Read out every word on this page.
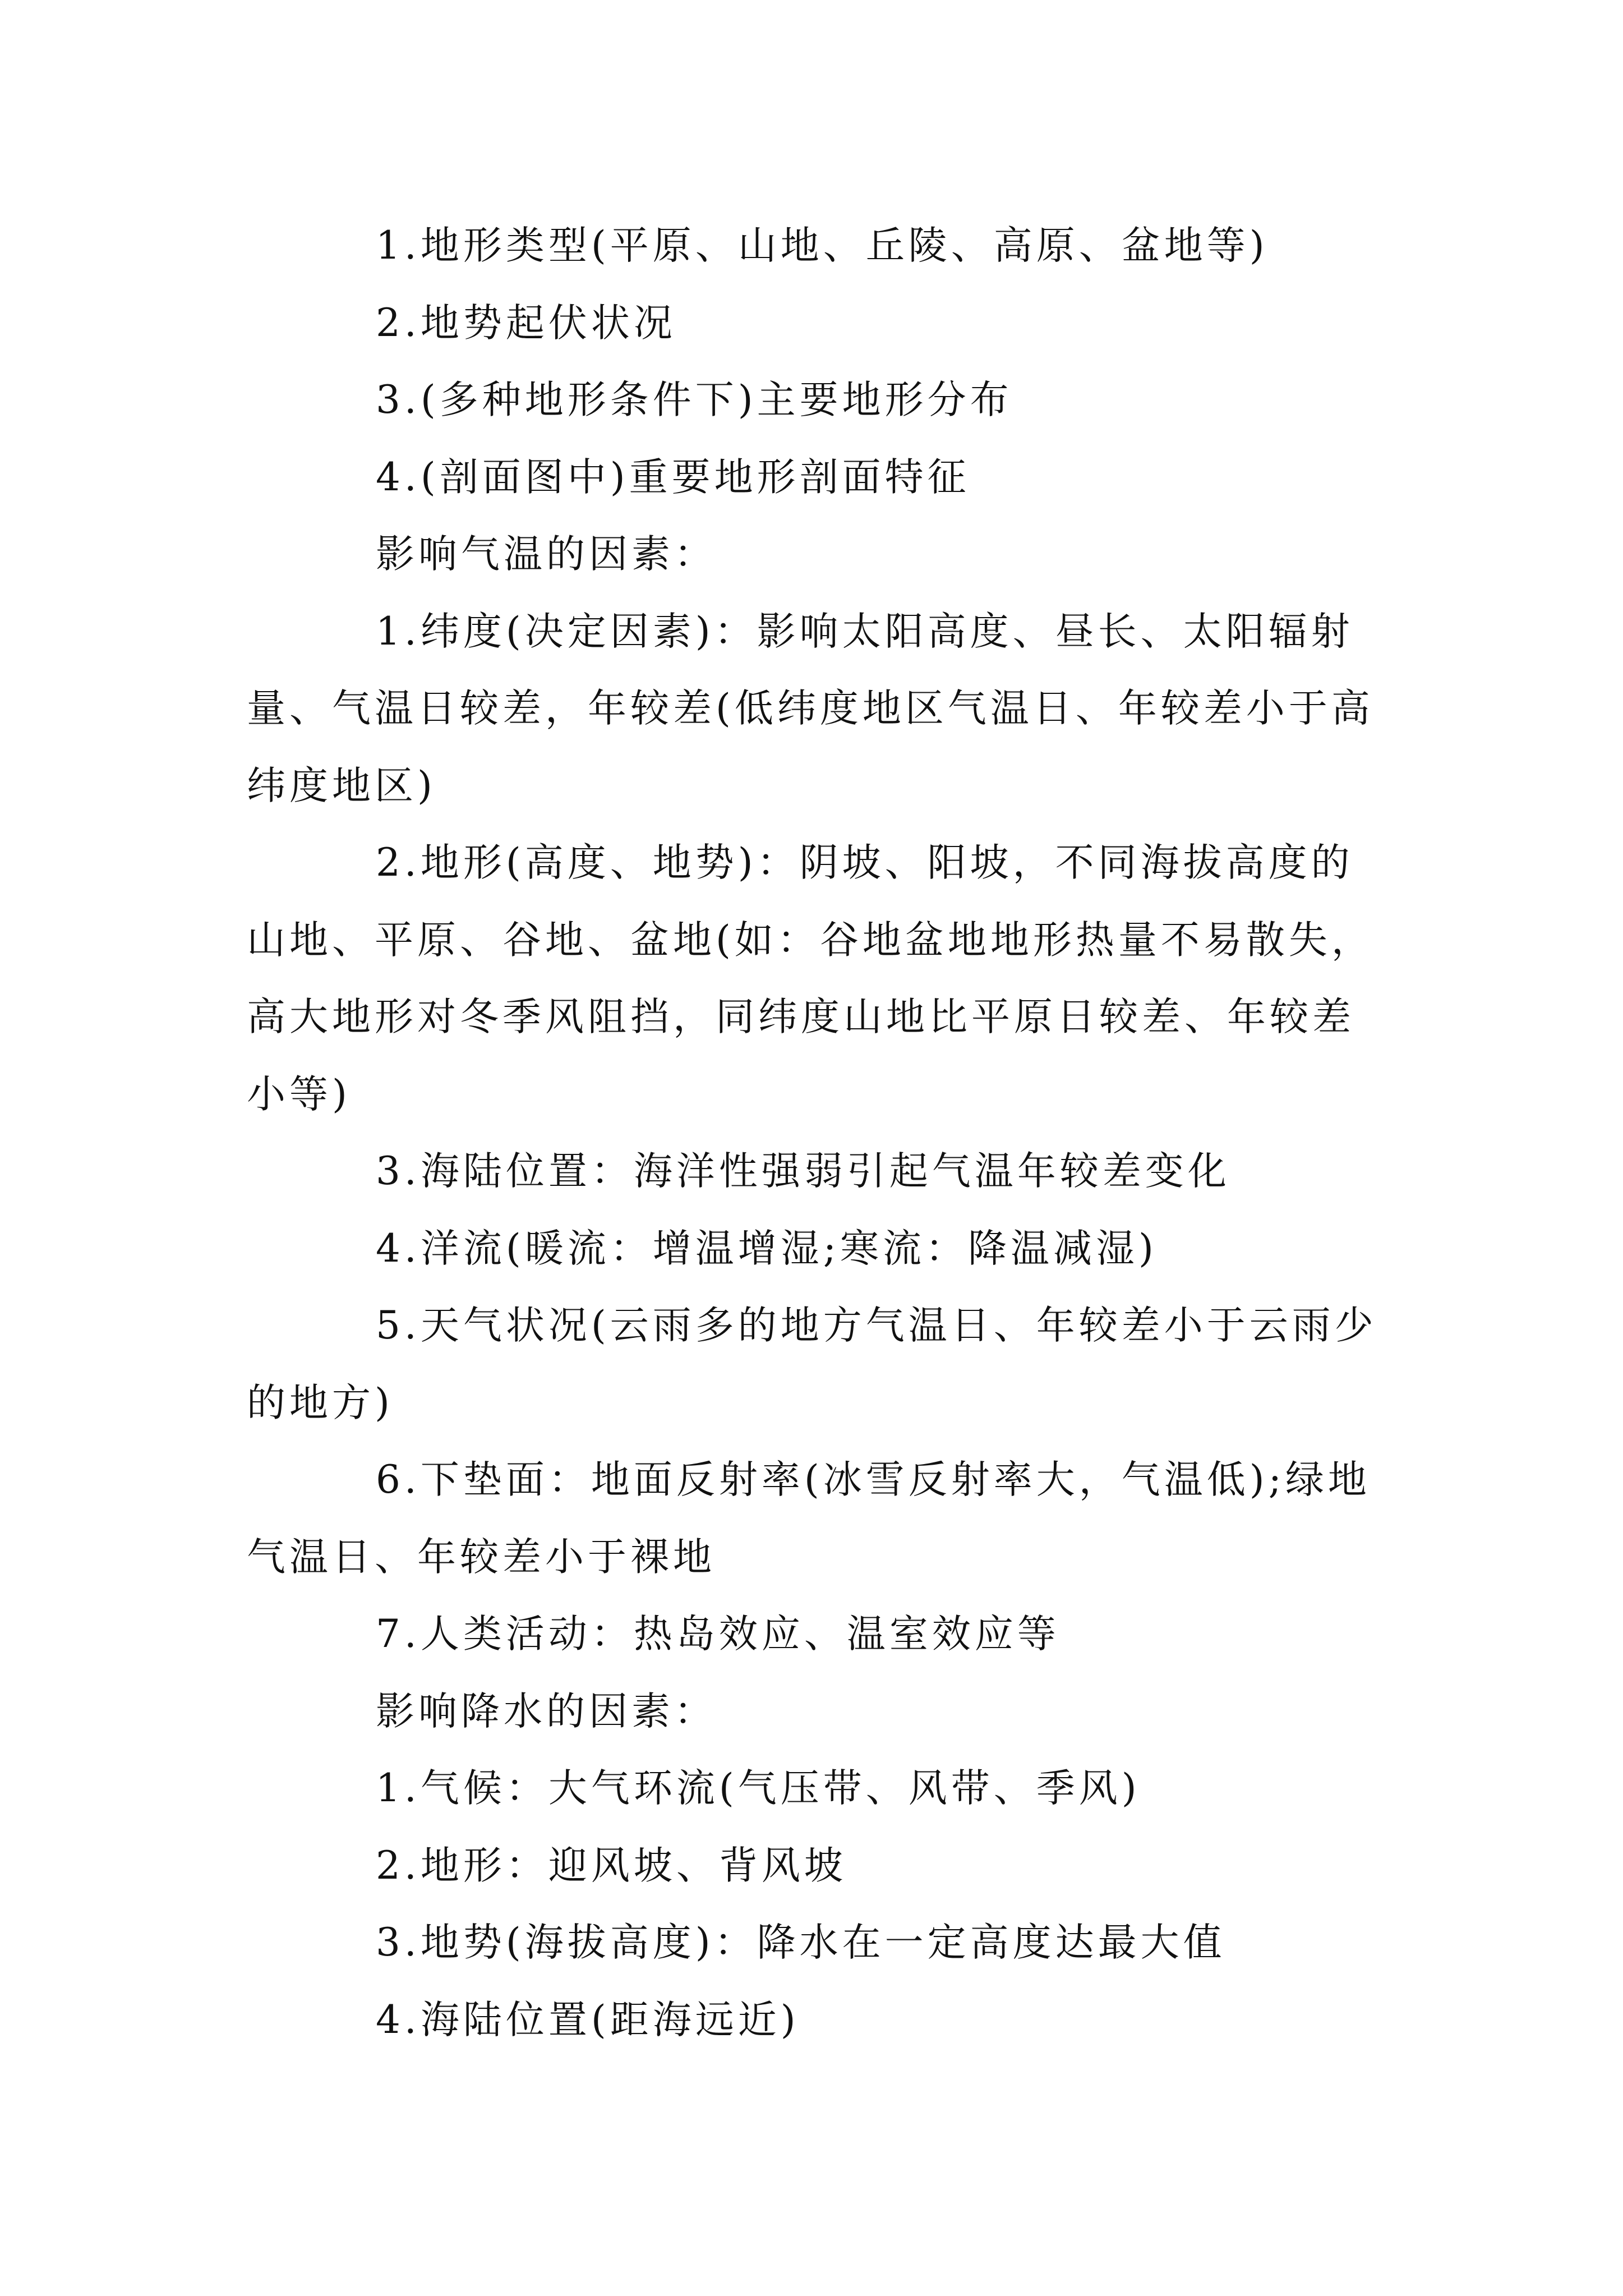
1.地形类型(平原、山地、丘陵、高原、盆地等)

2.地势起伏状况

3.(多种地形条件下)主要地形分布

4.(剖面图中)重要地形剖面特征

影响气温的因素：

1.纬度(决定因素)：影响太阳高度、昼长、太阳辐射量、气温日较差，年较差(低纬度地区气温日、年较差小于高纬度地区)

2.地形(高度、地势)：阴坡、阳坡，不同海拔高度的山地、平原、谷地、盆地(如：谷地盆地地形热量不易散失，高大地形对冬季风阻挡，同纬度山地比平原日较差、年较差小等)

3.海陆位置：海洋性强弱引起气温年较差变化

4.洋流(暖流：增温增湿;寒流：降温减湿)

5.天气状况(云雨多的地方气温日、年较差小于云雨少的地方)

6.下垫面：地面反射率(冰雪反射率大，气温低);绿地气温日、年较差小于裸地

7.人类活动：热岛效应、温室效应等

影响降水的因素：

1.气候：大气环流(气压带、风带、季风)

2.地形：迎风坡、背风坡

3.地势(海拔高度)：降水在一定高度达最大值

4.海陆位置(距海远近)
